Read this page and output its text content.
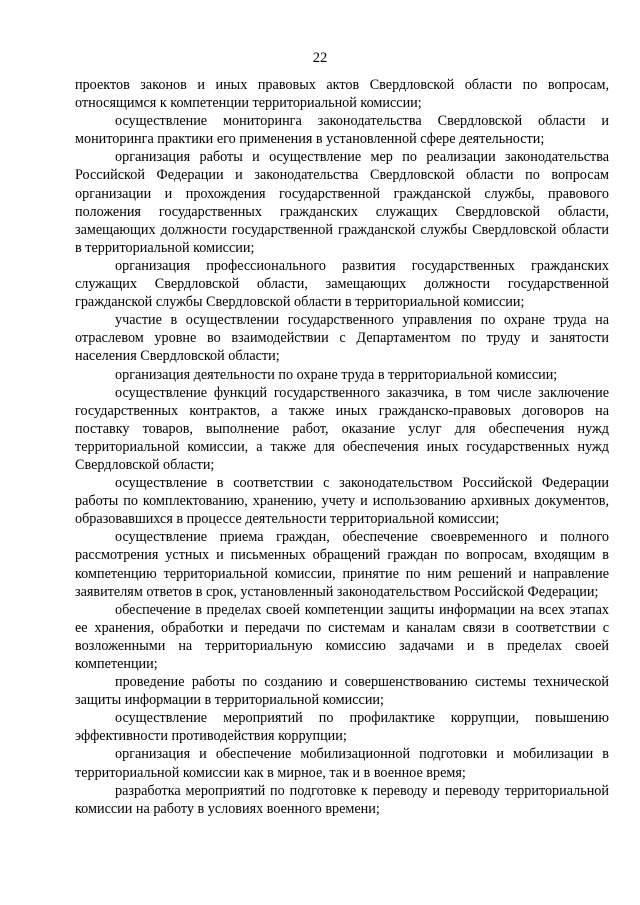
22

проектов законов и иных правовых актов Свердловской области по вопросам, относящимся к компетенции территориальной комиссии;

осуществление мониторинга законодательства Свердловской области и мониторинга практики его применения в установленной сфере деятельности;

организация работы и осуществление мер по реализации законодательства Российской Федерации и законодательства Свердловской области по вопросам организации и прохождения государственной гражданской службы, правового положения государственных гражданских служащих Свердловской области, замещающих должности государственной гражданской службы Свердловской области в территориальной комиссии;

организация профессионального развития государственных гражданских служащих Свердловской области, замещающих должности государственной гражданской службы Свердловской области в территориальной комиссии;

участие в осуществлении государственного управления по охране труда на отраслевом уровне во взаимодействии с Департаментом по труду и занятости населения Свердловской области;

организация деятельности по охране труда в территориальной комиссии;

осуществление функций государственного заказчика, в том числе заключение государственных контрактов, а также иных гражданско-правовых договоров на поставку товаров, выполнение работ, оказание услуг для обеспечения нужд территориальной комиссии, а также для обеспечения иных государственных нужд Свердловской области;

осуществление в соответствии с законодательством Российской Федерации работы по комплектованию, хранению, учету и использованию архивных документов, образовавшихся в процессе деятельности территориальной комиссии;

осуществление приема граждан, обеспечение своевременного и полного рассмотрения устных и письменных обращений граждан по вопросам, входящим в компетенцию территориальной комиссии, принятие по ним решений и направление заявителям ответов в срок, установленный законодательством Российской Федерации;

обеспечение в пределах своей компетенции защиты информации на всех этапах ее хранения, обработки и передачи по системам и каналам связи в соответствии с возложенными на территориальную комиссию задачами и в пределах своей компетенции;

проведение работы по созданию и совершенствованию системы технической защиты информации в территориальной комиссии;

осуществление мероприятий по профилактике коррупции, повышению эффективности противодействия коррупции;

организация и обеспечение мобилизационной подготовки и мобилизации в территориальной комиссии как в мирное, так и в военное время;

разработка мероприятий по подготовке к переводу и переводу территориальной комиссии на работу в условиях военного времени;
